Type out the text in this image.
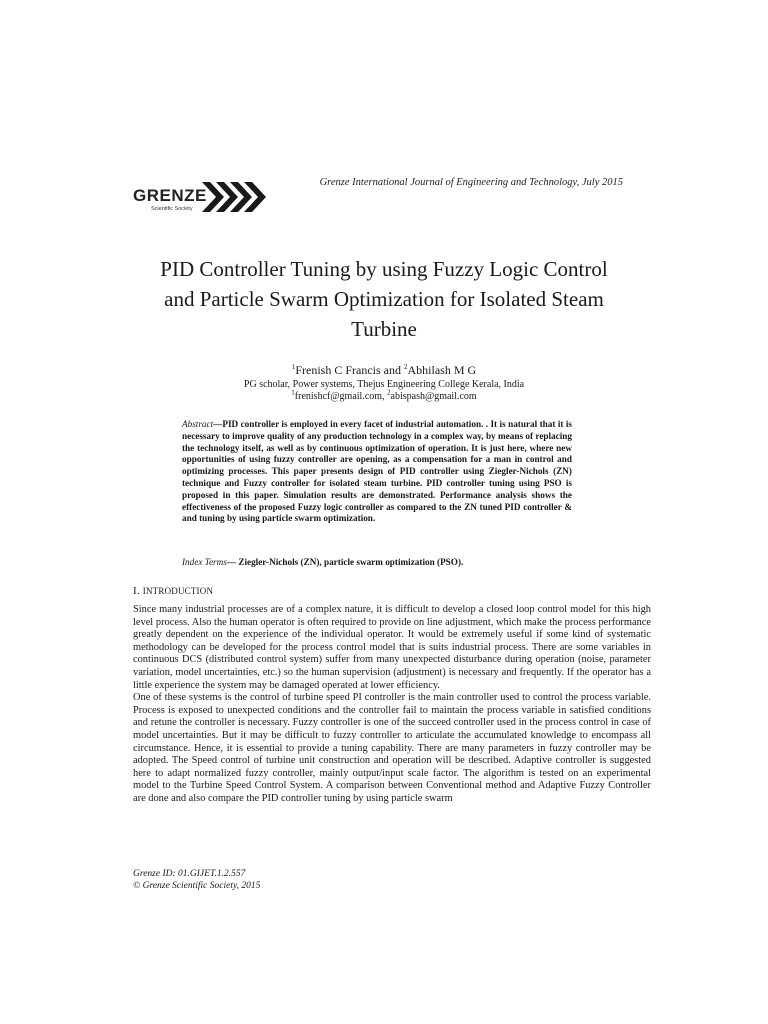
GRENZE
Scientific Society
Grenze International Journal of Engineering and Technology, July 2015
PID Controller Tuning by using Fuzzy Logic Control
and Particle Swarm Optimization for Isolated Steam
Turbine
$^1$Frenish C Francis and $^2$Abhilash M G
PG scholar, Power systems, Thejus Engineering College Kerala, India
$^1$frenishcf@gmail.com, $^2$abispash@gmail.com
Abstract—PID controller is employed in every facet of industrial automation. . It is natural that it is necessary to improve quality of any production technology in a complex way, by means of replacing the technology itself, as well as by continuous optimization of operation. It is just here, where new opportunities of using fuzzy controller are opening, as a compensation for a man in control and optimizing processes. This paper presents design of PID controller using Ziegler-Nichols (ZN) technique and Fuzzy controller for isolated steam turbine. PID controller tuning using PSO is proposed in this paper. Simulation results are demonstrated. Performance analysis shows the effectiveness of the proposed Fuzzy logic controller as compared to the ZN tuned PID controller & and tuning by using particle swarm optimization.
Index Terms— Ziegler-Nichols (ZN), particle swarm optimization (PSO).
I. INTRODUCTION

Since many industrial processes are of a complex nature, it is difficult to develop a closed loop control model for this high level process. Also the human operator is often required to provide on line adjustment, which make the process performance greatly dependent on the experience of the individual operator. It would be extremely useful if some kind of systematic methodology can be developed for the process control model that is suits industrial process. There are some variables in continuous DCS (distributed control system) suffer from many unexpected disturbance during operation (noise, parameter variation, model uncertainties, etc.) so the human supervision (adjustment) is necessary and frequently. If the operator has a little experience the system may be damaged operated at lower efficiency.

One of these systems is the control of turbine speed PI controller is the main controller used to control the process variable. Process is exposed to unexpected conditions and the controller fail to maintain the process variable in satisfied conditions and retune the controller is necessary. Fuzzy controller is one of the succeed controller used in the process control in case of model uncertainties. But it may be difficult to fuzzy controller to articulate the accumulated knowledge to encompass all circumstance. Hence, it is essential to provide a tuning capability. There are many parameters in fuzzy controller may be adopted. The Speed control of turbine unit construction and operation will be described. Adaptive controller is suggested here to adapt normalized fuzzy controller, mainly output/input scale factor. The algorithm is tested on an experimental model to the Turbine Speed Control System. A comparison between Conventional method and Adaptive Fuzzy Controller are done and also compare the PID controller tuning by using particle swarm

Grenze ID: 01.GIJET.1.2.557
© Grenze Scientific Society, 2015
